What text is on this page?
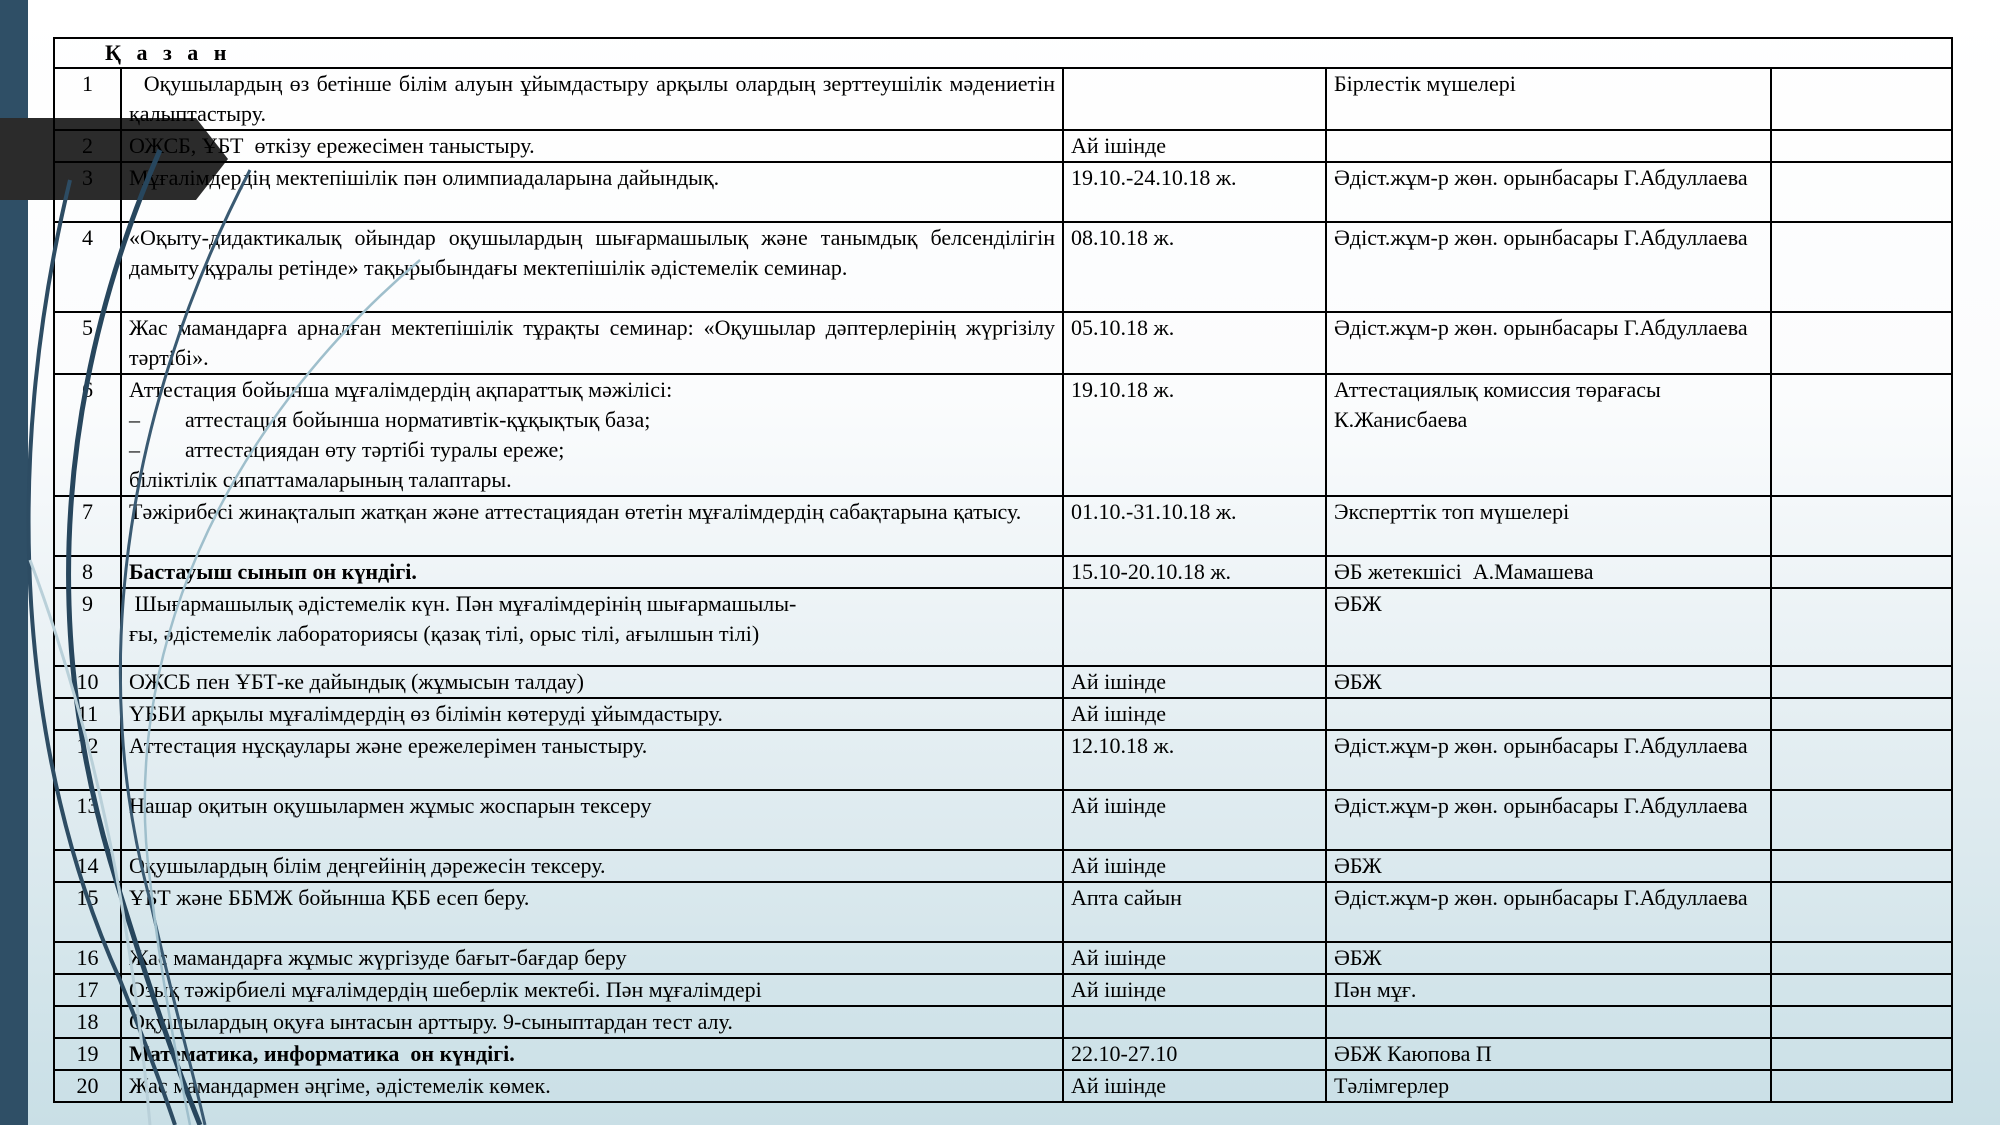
Қ а з а н				
1	Оқушылардың өз бетінше білім алуын ұйымдастыру арқылы олардың зерттеушілік мәдениетін қалыптастыру.		Бірлестік мүшелері	
2	ОЖСБ, ҰБТ  өткізу ережесімен таныстыру.	Ай ішінде		
3	Мұғалімдердің мектепішілік пән олимпиадаларына дайындық.	19.10.-24.10.18 ж.	Әдіст.жұм-р жөн. орынбасары Г.Абдуллаева	
4	«Оқыту-дидактикалық ойындар оқушылардың шығармашылық және танымдық белсенділігін дамыту құралы ретінде» тақырыбындағы мектепішілік әдістемелік семинар.	08.10.18 ж.	Әдіст.жұм-р жөн. орынбасары Г.Абдуллаева	
5	Жас мамандарға арналған мектепішілік тұрақты семинар: «Оқушылар дәптерлерінің жүргізілу тәртібі».	05.10.18 ж.	Әдіст.жұм-р жөн. орынбасары Г.Абдуллаева	
6	Аттестация бойынша мұғалімдердің ақпараттық мәжілісі:
– аттестация бойынша нормативтік-құқықтық база;
– аттестациядан өту тәртібі туралы ереже;
біліктілік сипаттамаларының талаптары.	19.10.18 ж.	Аттестациялық комиссия төрағасы К.Жанисбаева	
7	Тәжірибесі жинақталып жатқан және аттестациядан өтетін мұғалімдердің сабақтарына қатысу.	01.10.-31.10.18 ж.	Эксперттік топ мүшелері	
8	Бастауыш сынып он күндігі.	15.10-20.10.18 ж.	ӘБ жетекшісі  А.Мамашева	
9	Шығармашылық әдістемелік күн. Пән мұғалімдерінің шығармашылы-
ғы, әдістемелік лабораториясы (қазақ тілі, орыс тілі, ағылшын тілі)		ӘБЖ	
10	ОЖСБ пен ҰБТ-ке дайындық (жұмысын талдау)	Ай ішінде	ӘБЖ	
11	ҮББИ арқылы мұғалімдердің өз білімін көтеруді ұйымдастыру.	Ай ішінде		
12	Аттестация нұсқаулары және ережелерімен таныстыру.	12.10.18 ж.	Әдіст.жұм-р жөн. орынбасары Г.Абдуллаева	
13	Нашар оқитын оқушылармен жұмыс жоспарын тексеру	Ай ішінде	Әдіст.жұм-р жөн. орынбасары Г.Абдуллаева	
14	Оқушылардың білім деңгейінің дәрежесін тексеру.	Ай ішінде	ӘБЖ	
15	ҰБТ және ББМЖ бойынша ҚББ есеп беру.	Апта сайын	Әдіст.жұм-р жөн. орынбасары Г.Абдуллаева	
16	Жас мамандарға жұмыс жүргізуде бағыт-бағдар беру	Ай ішінде	ӘБЖ	
17	Озық тәжірбиелі мұғалімдердің шеберлік мектебі. Пән мұғалімдері	Ай ішінде	Пән мұғ.	
18	Оқушылардың оқуға ынтасын арттыру. 9-сыныптардан тест алу.			
19	Математика, информатика  он күндігі.	22.10-27.10	ӘБЖ Каюпова П	
20	Жас мамандармен әңгіме, әдістемелік көмек.	Ай ішінде	Тәлімгерлер	
